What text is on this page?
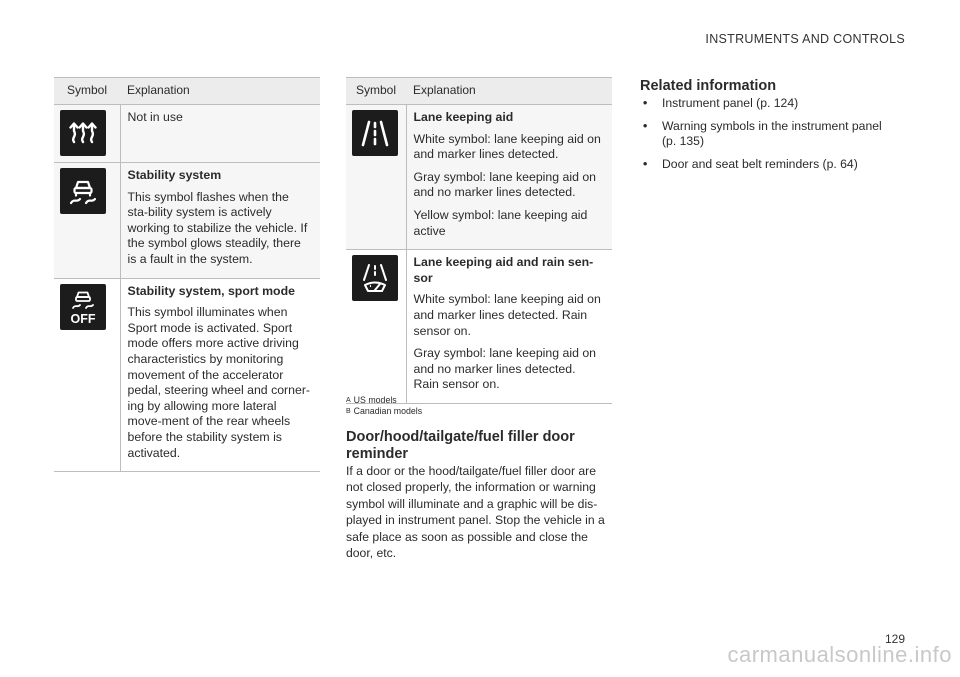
INSTRUMENTS AND CONTROLS
Symbol	Explanation

Not in use

Stability system
This symbol flashes when the sta-bility system is actively working to stabilize the vehicle. If the symbol glows steadily, there is a fault in the system.

OFF	Stability system, sport mode
This symbol illuminates when Sport mode is activated. Sport mode offers more active driving characteristics by monitoring movement of the accelerator pedal, steering wheel and corner-ing by allowing more lateral move-ment of the rear wheels before the stability system is activated.
Symbol	Explanation

Lane keeping aid
White symbol: lane keeping aid on and marker lines detected.
Gray symbol: lane keeping aid on and no marker lines detected.
Yellow symbol: lane keeping aid active

Lane keeping aid and rain sen-sor
White symbol: lane keeping aid on and marker lines detected. Rain sensor on.
Gray symbol: lane keeping aid on and no marker lines detected. Rain sensor on.
$^A$ US models
$^B$ Canadian models
Door/hood/tailgate/fuel filler door reminder
If a door or the hood/tailgate/fuel filler door are not closed properly, the information or warning symbol will illuminate and a graphic will be dis-played in instrument panel. Stop the vehicle in a safe place as soon as possible and close the door, etc.
Related information
• Instrument panel (p. 124)
• Warning symbols in the instrument panel (p. 135)
• Door and seat belt reminders (p. 64)
129
carmanualsonline.info
